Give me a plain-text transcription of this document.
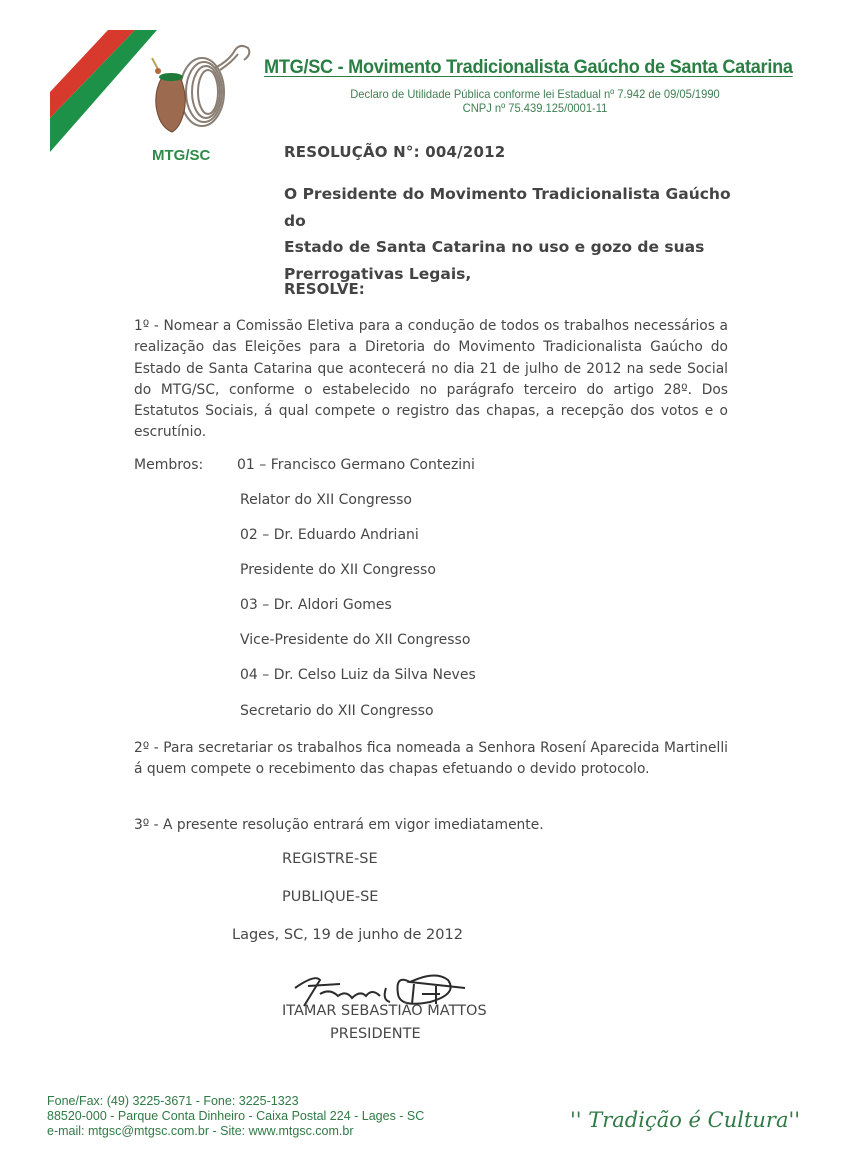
MTG/SC
MTG/SC - Movimento Tradicionalista Gaúcho de Santa Catarina
Declaro de Utilidade Pública conforme lei Estadual nº 7.942 de 09/05/1990
CNPJ nº 75.439.125/0001-11
RESOLUÇÃO N°: 004/2012
O Presidente do Movimento Tradicionalista Gaúcho do
Estado de Santa Catarina no uso e gozo de suas
Prerrogativas Legais,
RESOLVE:
1º - Nomear a Comissão Eletiva para a condução de todos os trabalhos necessários a realização das Eleições para a Diretoria do Movimento Tradicionalista Gaúcho do Estado de Santa Catarina que acontecerá no dia 21 de julho de 2012 na sede Social do MTG/SC, conforme o estabelecido no parágrafo terceiro do artigo 28º. Dos Estatutos Sociais, á qual compete o registro das chapas, a recepção dos votos e o escrutínio.
Membros: 01 – Francisco Germano Contezini
Relator do XII Congresso
02 – Dr. Eduardo Andriani
Presidente do XII Congresso
03 – Dr. Aldori Gomes
Vice-Presidente do XII Congresso
04 – Dr. Celso Luiz da Silva Neves
Secretario do XII Congresso
2º - Para secretariar os trabalhos fica nomeada a Senhora Rosení Aparecida Martinelli á quem compete o recebimento das chapas efetuando o devido protocolo.
3º - A presente resolução entrará em vigor imediatamente.
REGISTRE-SE
PUBLIQUE-SE
Lages, SC, 19 de junho de 2012
ITAMAR SEBASTIÃO MATTOS
PRESIDENTE
Fone/Fax: (49) 3225-3671 - Fone: 3225-1323
88520-000 - Parque Conta Dinheiro - Caixa Postal 224 - Lages - SC
e-mail: mtgsc@mtgsc.com.br - Site: www.mtgsc.com.br	'' Tradição é Cultura''
